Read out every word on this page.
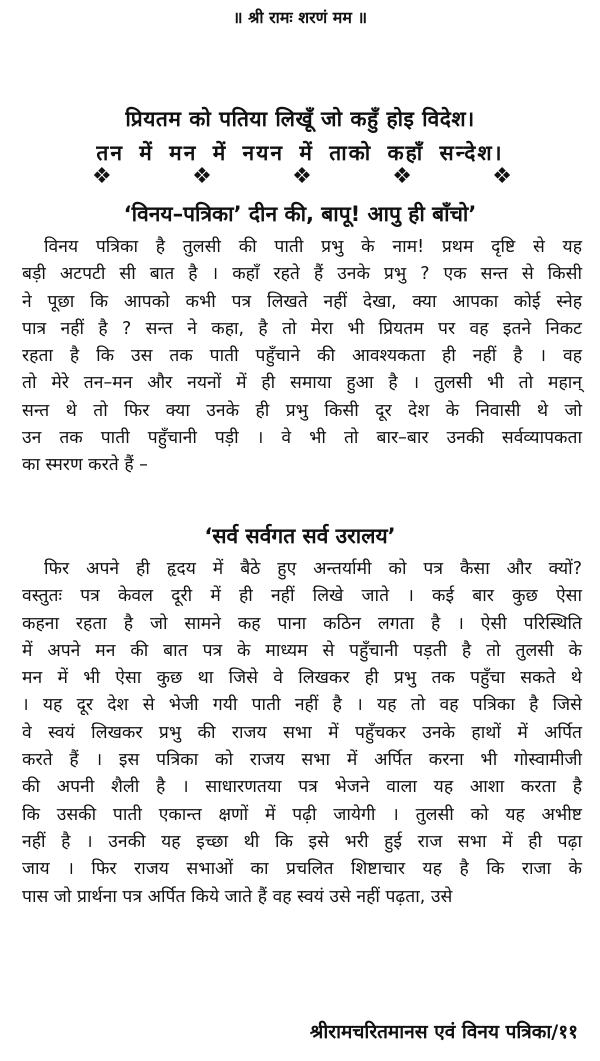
॥ श्री रामः शरणं मम ॥
प्रियतम को पतिया लिखूँ जो कहुँ होइ विदेश।
तन में मन में नयन में ताको कहाँ सन्देश।
❖	❖	❖	❖	❖
‘विनय–पत्रिका’ दीन की, बापू! आपु ही बाँचो’
विनय पत्रिका है तुलसी की पाती प्रभु के नाम! प्रथम दृष्टि से यह
बड़ी अटपटी सी बात है । कहाँ रहते हैं उनके प्रभु ? एक सन्त से किसी
ने पूछा कि आपको कभी पत्र लिखते नहीं देखा, क्या आपका कोई स्नेह
पात्र नहीं है ? सन्त ने कहा, है तो मेरा भी प्रियतम पर वह इतने निकट
रहता है कि उस तक पाती पहुँचाने की आवश्यकता ही नहीं है । वह
तो मेरे तन–मन और नयनों में ही समाया हुआ है । तुलसी भी तो महान्
सन्त थे तो फिर क्या उनके ही प्रभु किसी दूर देश के निवासी थे जो
उन तक पाती पहुँचानी पड़ी । वे भी तो बार–बार उनकी सर्वव्यापकता
का स्मरण करते हैं –
‘सर्व सर्वगत सर्व उरालय’
फिर अपने ही हृदय में बैठे हुए अन्तर्यामी को पत्र कैसा और क्यों?
वस्तुतः पत्र केवल दूरी में ही नहीं लिखे जाते । कई बार कुछ ऐसा
कहना रहता है जो सामने कह पाना कठिन लगता है । ऐसी परिस्थिति
में अपने मन की बात पत्र के माध्यम से पहुँचानी पड़ती है तो तुलसी के
मन में भी ऐसा कुछ था जिसे वे लिखकर ही प्रभु तक पहुँचा सकते थे
। यह दूर देश से भेजी गयी पाती नहीं है । यह तो वह पत्रिका है जिसे
वे स्वयं लिखकर प्रभु की राजय सभा में पहुँचकर उनके हाथों में अर्पित
करते हैं । इस पत्रिका को राजय सभा में अर्पित करना भी गोस्वामीजी
की अपनी शैली है । साधारणतया पत्र भेजने वाला यह आशा करता है
कि उसकी पाती एकान्त क्षणों में पढ़ी जायेगी । तुलसी को यह अभीष्ट
नहीं है । उनकी यह इच्छा थी कि इसे भरी हुई राज सभा में ही पढ़ा
जाय । फिर राजय सभाओं का प्रचलित शिष्टाचार यह है कि राजा के
पास जो प्रार्थना पत्र अर्पित किये जाते हैं वह स्वयं उसे नहीं पढ़ता, उसे
श्रीरामचरितमानस एवं विनय पत्रिका/११
